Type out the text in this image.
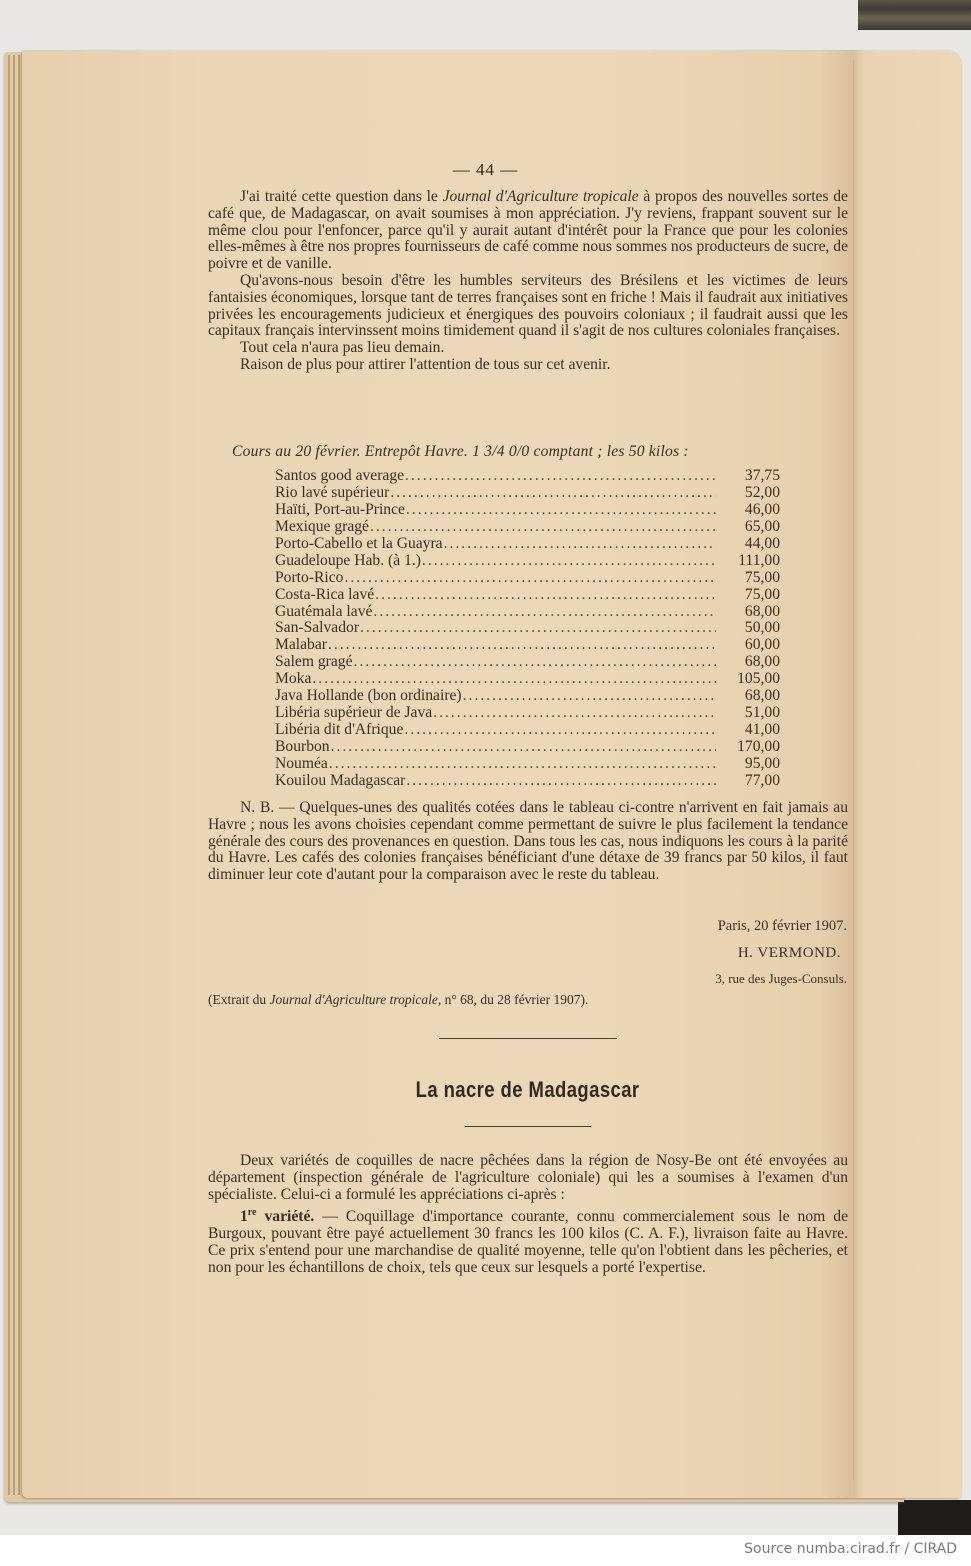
— 44 —

J'ai traité cette question dans le Journal d'Agriculture tropicale à propos des nouvelles sortes de café que, de Madagascar, on avait soumises à mon appréciation. J'y reviens, frappant souvent sur le même clou pour l'enfoncer, parce qu'il y aurait autant d'intérêt pour la France que pour les colonies elles-mêmes à être nos propres fournisseurs de café comme nous sommes nos producteurs de sucre, de poivre et de vanille.

Qu'avons-nous besoin d'être les humbles serviteurs des Brésilens et les victimes de leurs fantaisies économiques, lorsque tant de terres françaises sont en friche ! Mais il faudrait aux initiatives privées les encouragements judicieux et énergiques des pouvoirs coloniaux ; il faudrait aussi que les capitaux français intervinssent moins timidement quand il s'agit de nos cultures coloniales françaises.

Tout cela n'aura pas lieu demain.

Raison de plus pour attirer l'attention de tous sur cet avenir.

Cours au 20 février. Entrepôt Havre. 1 3/4 0/0 comptant ; les 50 kilos :
Santos good average .....	37,75
Rio lavé supérieur .....	52,00
Haïti, Port-au-Prince .....	46,00
Mexique gragé .....	65,00
Porto-Cabello et la Guayra .....	44,00
Guadeloupe Hab. (à 1.) .....	111,00
Porto-Rico .....	75,00
Costa-Rica lavé .....	75,00
Guatémala lavé .....	68,00
San-Salvador .....	50,00
Malabar .....	60,00
Salem gragé .....	68,00
Moka .....	105,00
Java Hollande (bon ordinaire) .....	68,00
Libéria supérieur de Java .....	51,00
Libéria dit d'Afrique .....	41,00
Bourbon .....	170,00
Nouméa .....	95,00
Kouilou Madagascar .....	77,00

N. B. — Quelques-unes des qualités cotées dans le tableau ci-contre n'arrivent en fait jamais au Havre ; nous les avons choisies cependant comme permettant de suivre le plus facilement la tendance générale des cours des provenances en question. Dans tous les cas, nous indiquons les cours à la parité du Havre. Les cafés des colonies françaises bénéficiant d'une détaxe de 39 francs par 50 kilos, il faut diminuer leur cote d'autant pour la comparaison avec le reste du tableau.

Paris, 20 février 1907.
H. VERMOND.
3, rue des Juges-Consuls.
(Extrait du Journal d'Agriculture tropicale, n° 68, du 28 février 1907).
La nacre de Madagascar

Deux variétés de coquilles de nacre pêchées dans la région de Nosy-Be ont été envoyées au département (inspection générale de l'agriculture coloniale) qui les a soumises à l'examen d'un spécialiste. Celui-ci a formulé les appréciations ci-après :

1re variété. — Coquillage d'importance courante, connu commercialement sous le nom de Burgoux, pouvant être payé actuellement 30 francs les 100 kilos (C. A. F.), livraison faite au Havre. Ce prix s'entend pour une marchandise de qualité moyenne, telle qu'on l'obtient dans les pêcheries, et non pour les échantillons de choix, tels que ceux sur lesquels a porté l'expertise.

Source numba.cirad.fr / CIRAD
